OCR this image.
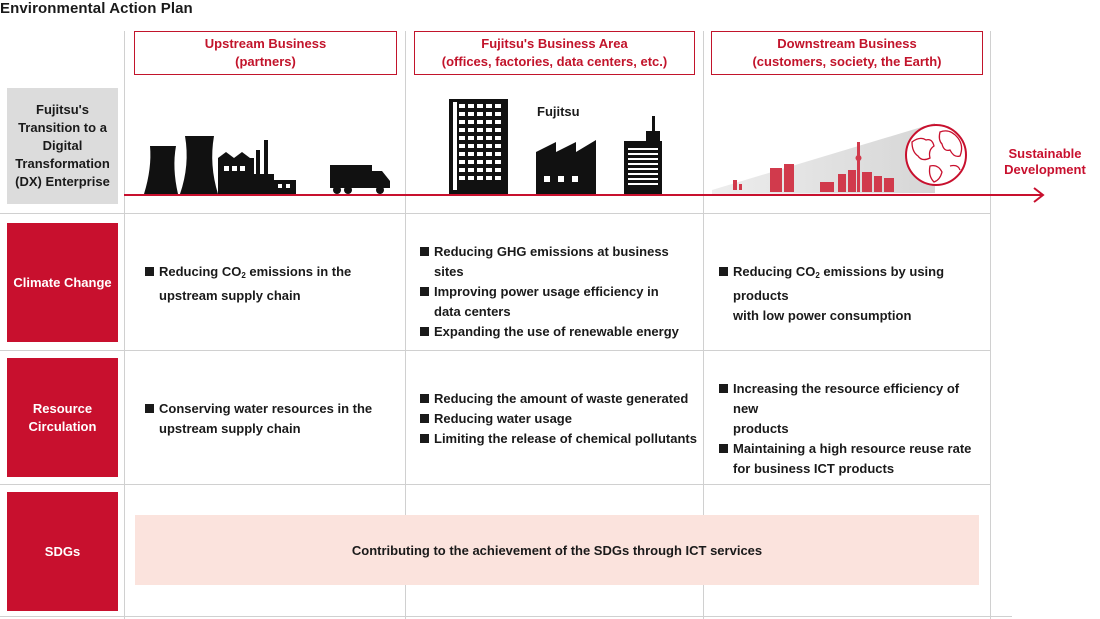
Environmental Action Plan
Upstream Business
(partners)
Fujitsu's Business Area
(offices, factories, data centers, etc.)
Downstream Business
(customers, society, the Earth)
Fujitsu's
Transition to a
Digital
Transformation
(DX) Enterprise
Fujitsu
Sustainable
Development
Climate Change
Resource
Circulation
SDGs
Reducing $CO_2$ emissions in the
upstream supply chain
Reducing GHG emissions at business sites
Improving power usage efficiency in
data centers
Expanding the use of renewable energy
Reducing $CO_2$ emissions by using products
with low power consumption
Conserving water resources in the
upstream supply chain
Reducing the amount of waste generated
Reducing water usage
Limiting the release of chemical pollutants
Increasing the resource efficiency of new
products
Maintaining a high resource reuse rate
for business ICT products
Contributing to the achievement of the SDGs through ICT services
